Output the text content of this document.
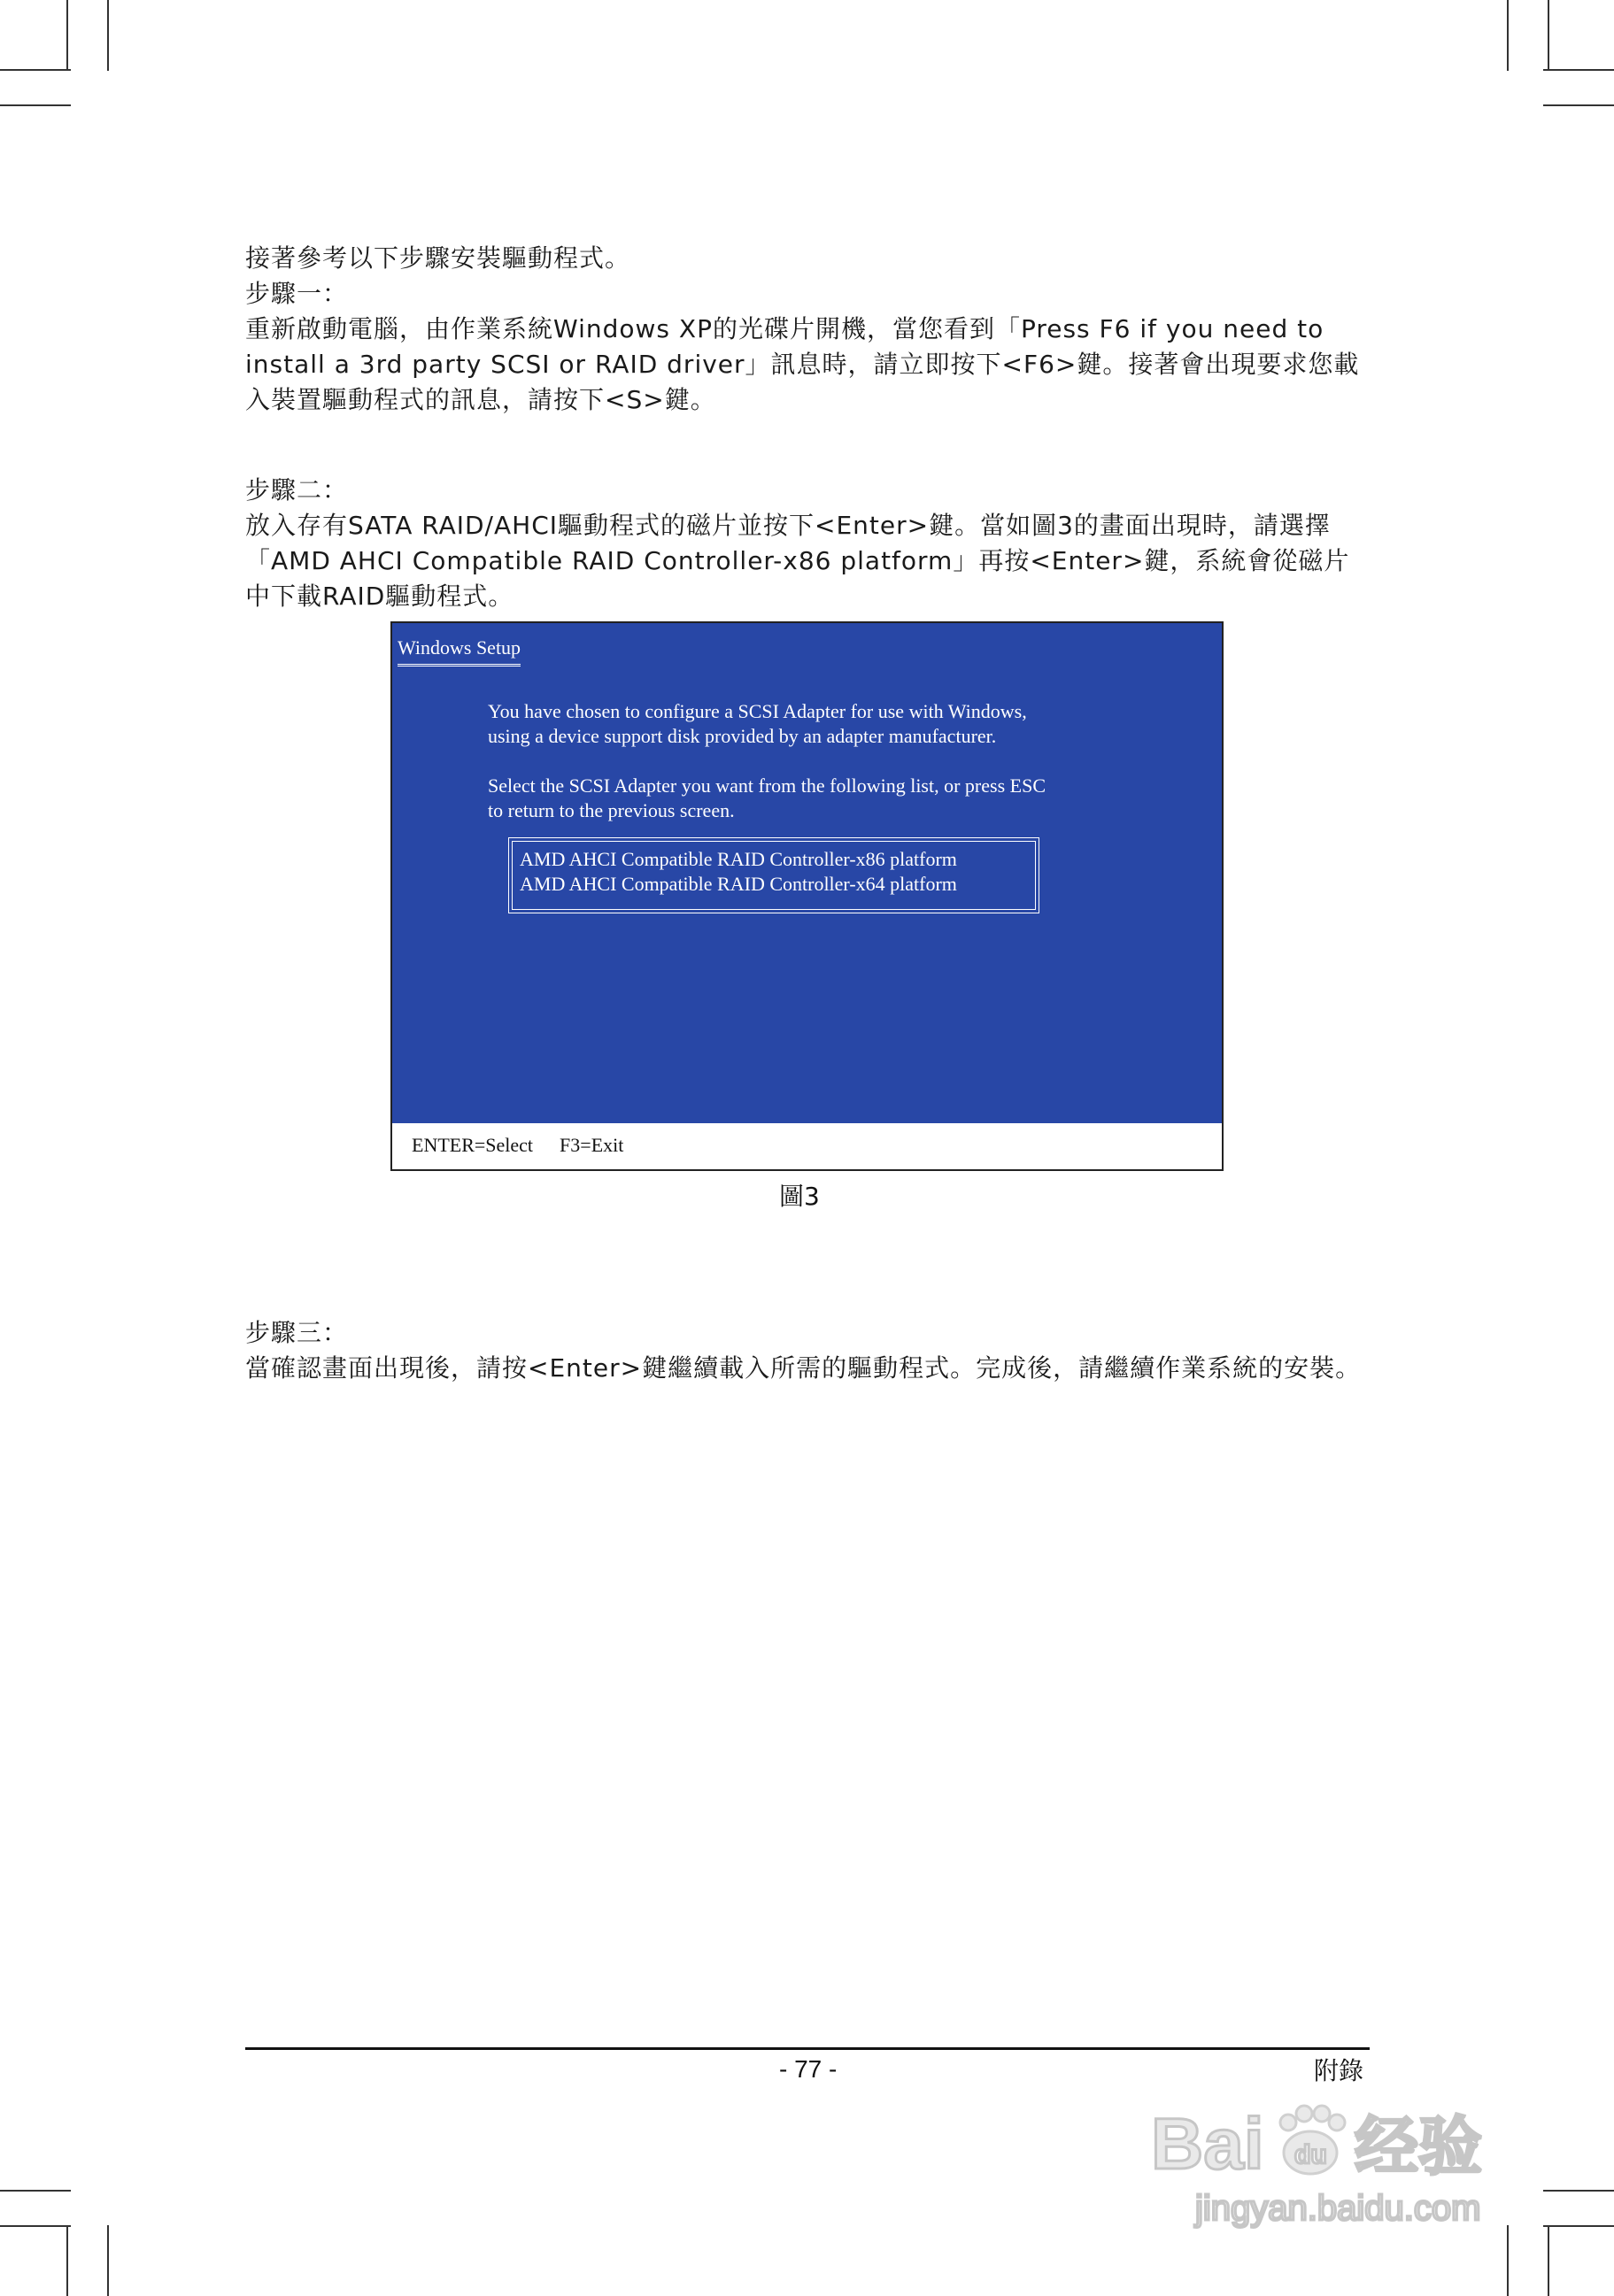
接著參考以下步驟安裝驅動程式。

步驟一：

重新啟動電腦，由作業系統Windows XP的光碟片開機，當您看到「Press F6 if you need to install a 3rd party SCSI or RAID driver」訊息時，請立即按下<F6>鍵。接著會出現要求您載入裝置驅動程式的訊息，請按下<S>鍵。

步驟二：

放入存有SATA RAID/AHCI驅動程式的磁片並按下<Enter>鍵。當如圖3的畫面出現時，請選擇「AMD AHCI Compatible RAID Controller-x86 platform」再按<Enter>鍵，系統會從磁片中下載RAID驅動程式。

Windows Setup
You have chosen to configure a SCSI Adapter for use with Windows,
using a device support disk provided by an adapter manufacturer.
Select the SCSI Adapter you want from the following list, or press ESC
to return to the previous screen.
AMD AHCI Compatible RAID Controller-x86 platform
AMD AHCI Compatible RAID Controller-x64 platform
ENTER=Select F3=Exit
圖3

步驟三：

當確認畫面出現後，請按<Enter>鍵繼續載入所需的驅動程式。完成後，請繼續作業系統的安裝。

- 77 -	附錄
Bai du 经验
jingyan.baidu.com
